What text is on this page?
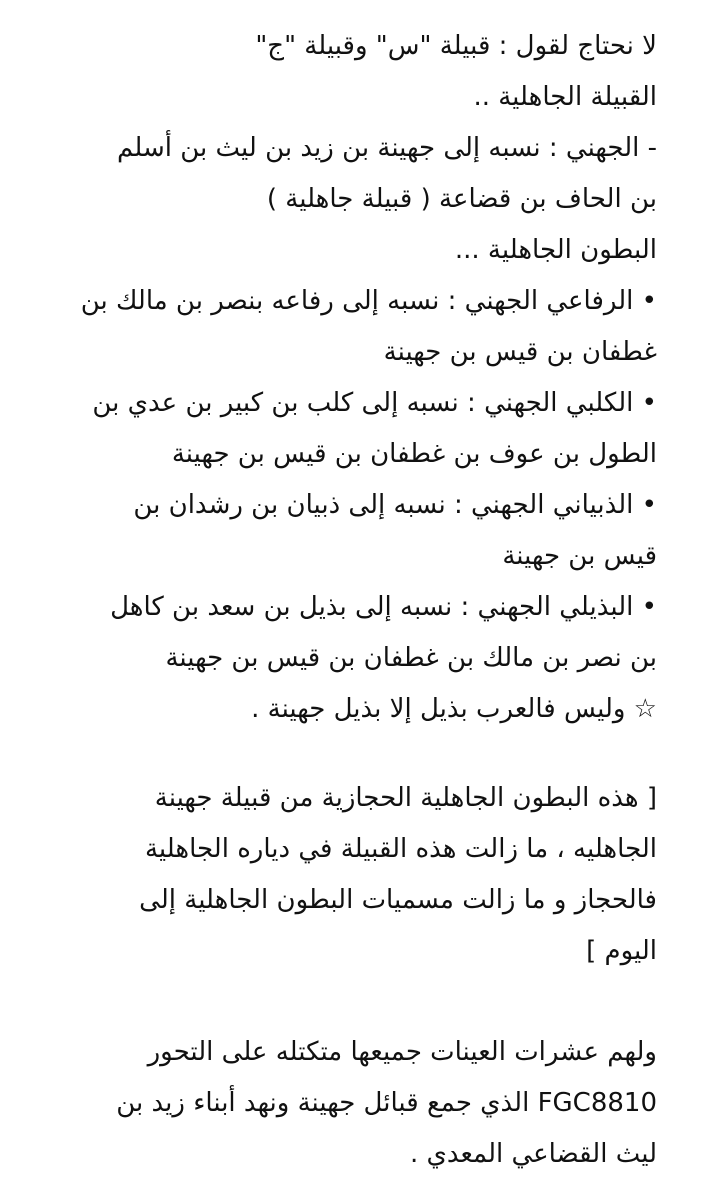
لا نحتاج لقول : قبيلة "س" وقبيلة "ج"
القبيلة الجاهلية ..
- الجهني : نسبه إلى جهينة بن زيد بن ليث بن أسلم
بن الحاف بن قضاعة ( قبيلة جاهلية )
البطون الجاهلية ...
• الرفاعي الجهني : نسبه إلى رفاعه بنصر بن مالك بن
غطفان بن قيس بن جهينة
• الكلبي الجهني : نسبه إلى كلب بن كبير بن عدي بن
الطول بن عوف بن غطفان بن قيس بن جهينة
• الذبياني الجهني : نسبه إلى ذبيان بن رشدان بن
قيس بن جهينة
• البذيلي الجهني : نسبه إلى بذيل بن سعد بن كاهل
بن نصر بن مالك بن غطفان بن قيس بن جهينة
☆ وليس فالعرب بذيل إلا بذيل جهينة .
[ هذه البطون الجاهلية الحجازية من قبيلة جهينة
الجاهليه ، ما زالت هذه القبيلة في دياره الجاهلية
فالحجاز و ما زالت مسميات البطون الجاهلية إلى
اليوم ]
ولهم عشرات العينات جميعها متكتله على التحور
FGC8810 الذي جمع قبائل جهينة ونهد أبناء زيد بن
ليث القضاعي المعدي .
